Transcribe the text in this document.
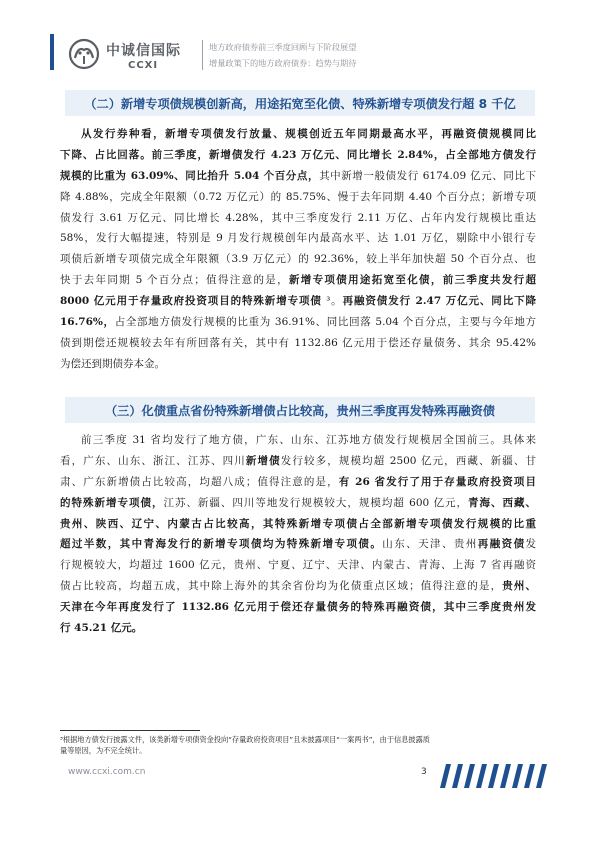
中诚信国际
CCXI
地方政府债券前三季度回顾与下阶段展望
增量政策下的地方政府债券：趋势与期待
（二）新增专项债规模创新高，用途拓宽至化债、特殊新增专项债发行超 8 千亿
从发行券种看，新增专项债发行放量、规模创近五年同期最高水平，再融资债规模同比
下降、占比回落。前三季度，新增债发行 4.23 万亿元、同比增长 2.84%，占全部地方债发行
规模的比重为 63.09%、同比抬升 5.04 个百分点，其中新增一般债发行 6174.09 亿元、同比下
降 4.88%，完成全年限额（0.72 万亿元）的 85.75%、慢于去年同期 4.40 个百分点；新增专项
债发行 3.61 万亿元、同比增长 4.28%，其中三季度发行 2.11 万亿、占年内发行规模比重达
58%，发行大幅提速，特别是 9 月发行规模创年内最高水平、达 1.01 万亿，剔除中小银行专
项债后新增专项债完成全年限额（3.9 万亿元）的 92.36%，较上半年加快超 50 个百分点、也
快于去年同期 5 个百分点；值得注意的是，新增专项债用途拓宽至化债，前三季度共发行超
8000 亿元用于存量政府投资项目的特殊新增专项债 ³。再融资债发行 2.47 万亿元、同比下降
16.76%，占全部地方债发行规模的比重为 36.91%、同比回落 5.04 个百分点，主要与今年地方
债到期偿还规模较去年有所回落有关，其中有 1132.86 亿元用于偿还存量债务、其余 95.42%
为偿还到期债券本金。
（三）化债重点省份特殊新增债占比较高，贵州三季度再发特殊再融资债
前三季度 31 省均发行了地方债，广东、山东、江苏地方债发行规模居全国前三。具体来
看，广东、山东、浙江、江苏、四川新增债发行较多，规模均超 2500 亿元，西藏、新疆、甘
肃、广东新增债占比较高，均超八成；值得注意的是，有 26 省发行了用于存量政府投资项目
的特殊新增专项债，江苏、新疆、四川等地发行规模较大，规模均超 600 亿元，青海、西藏、
贵州、陕西、辽宁、内蒙古占比较高，其特殊新增专项债占全部新增专项债发行规模的比重
超过半数，其中青海发行的新增专项债均为特殊新增专项债。山东、天津、贵州再融资债发
行规模较大，均超过 1600 亿元，贵州、宁夏、辽宁、天津、内蒙古、青海、上海 7 省再融资
债占比较高，均超五成，其中除上海外的其余省份均为化债重点区域；值得注意的是，贵州、
天津在今年再度发行了 1132.86 亿元用于偿还存量债务的特殊再融资债，其中三季度贵州发
行 45.21 亿元。
³根据地方债发行披露文件，该类新增专项债资金投向“存量政府投资项目”且未披露项目“一案两书”，由于信息披露质
量等原因，为不完全统计。
www.ccxi.com.cn	3
